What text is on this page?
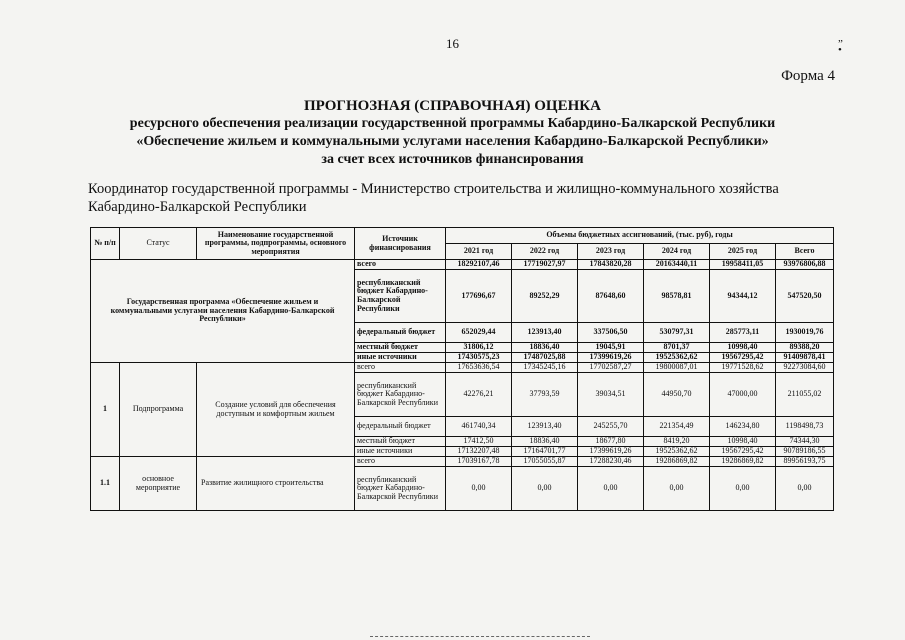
16	„ •
Форма 4
ПРОГНОЗНАЯ (СПРАВОЧНАЯ) ОЦЕНКА
ресурсного обеспечения реализации государственной программы Кабардино-Балкарской Республики
«Обеспечение жильем и коммунальными услугами населения Кабардино-Балкарской Республики»
за счет всех источников финансирования
Координатор государственной программы - Министерство строительства и жилищно-коммунального хозяйства Кабардино-Балкарской Республики
№ п/п	Статус	Наименование государственной программы, подпрограммы, основного мероприятия	Источник финансирования	Объемы бюджетных ассигнований, (тыс. руб), годы					
				2021 год	2022 год	2023 год	2024 год	2025 год	Всего
Государственная программа «Обеспечение жильем и коммунальными услугами населения Кабардино-Балкарской Республики»			всего	18292107,46	17719027,97	17843820,28	20163440,11	19958411,05	93976806,88
			республиканский бюджет Кабардино-Балкарской Республики	177696,67	89252,29	87648,60	98578,81	94344,12	547520,50
			федеральный бюджет	652029,44	123913,40	337506,50	530797,31	285773,11	1930019,76
			местный бюджет	31806,12	18836,40	19045,91	8701,37	10998,40	89388,20
			иные источники	17430575,23	17487025,88	17399619,26	19525362,62	19567295,42	91409878,41
1	Подпрограмма	Создание условий для обеспечения доступным и комфортным жильем	всего	17653636,54	17345245,16	17702587,27	19800087,01	19771528,62	92273084,60
			республиканский бюджет Кабардино-Балкарской Республики	42276,21	37793,59	39034,51	44950,70	47000,00	211055,02
			федеральный бюджет	461740,34	123913,40	245255,70	221354,49	146234,80	1198498,73
			местный бюджет	17412,50	18836,40	18677,80	8419,20	10998,40	74344,30
			иные источники	17132207,48	17164701,77	17399619,26	19525362,62	19567295,42	90789186,55
1.1	основное мероприятие	Развитие жилищного строительства	всего	17039167,78	17055055,87	17288230,46	19286869,82	19286869,82	89956193,75
			республиканский бюджет Кабардино-Балкарской Республики	0,00	0,00	0,00	0,00	0,00	0,00
